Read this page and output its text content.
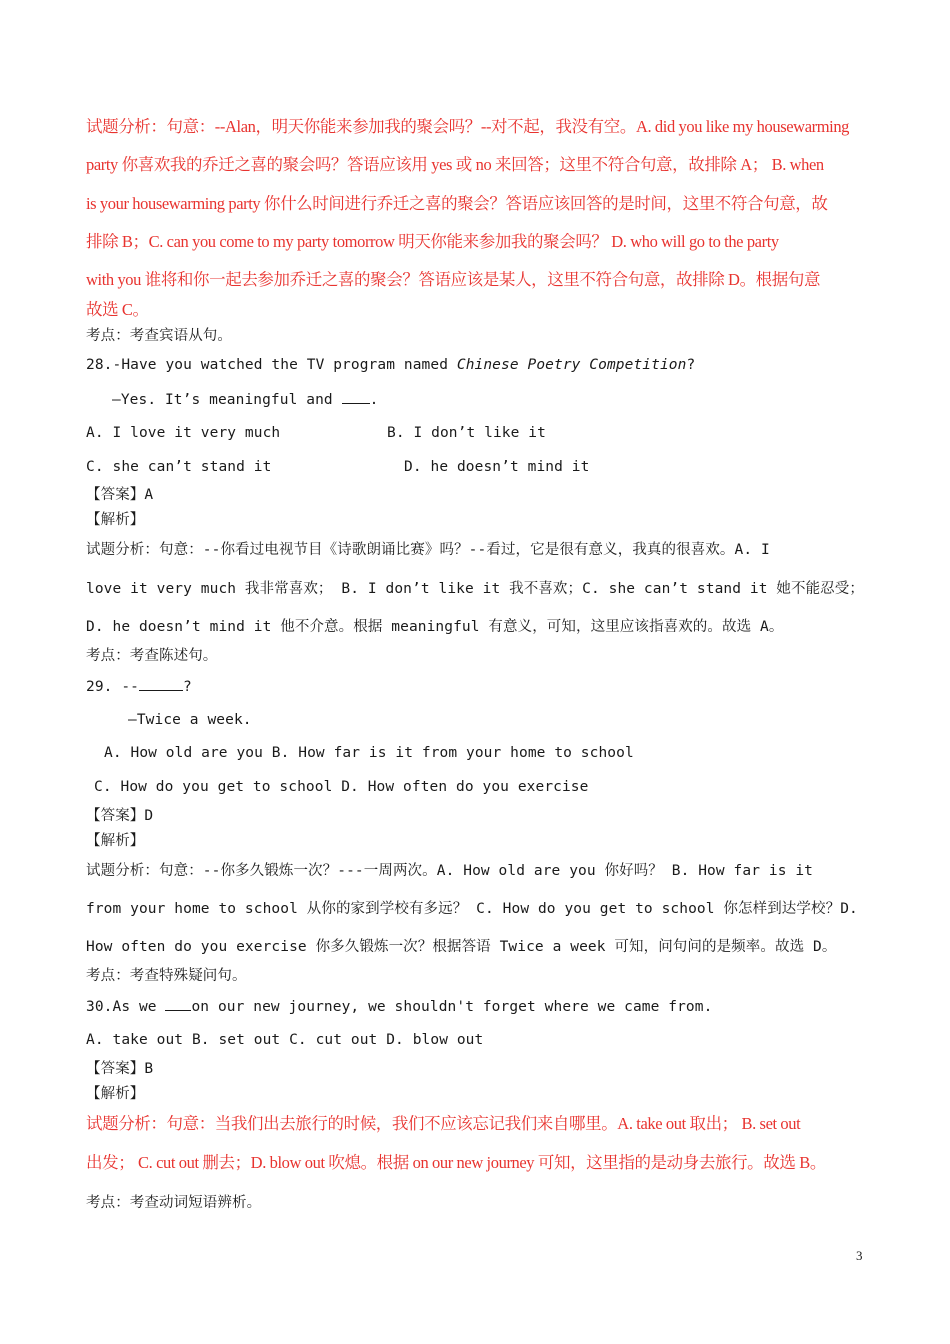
试题分析：句意：--Alan，明天你能来参加我的聚会吗？--对不起，我没有空。A. did you like my housewarming
party 你喜欢我的乔迁之喜的聚会吗？答语应该用 yes 或 no 来回答；这里不符合句意，故排除 A； B. when
is your housewarming party 你什么时间进行乔迁之喜的聚会？答语应该回答的是时间，这里不符合句意，故
排除 B；C. can you come to my party tomorrow 明天你能来参加我的聚会吗？ D. who will go to the party
with you 谁将和你一起去参加乔迁之喜的聚会？答语应该是某人，这里不符合句意，故排除 D。根据句意
故选 C。
考点：考查宾语从句。
28.-Have you watched the TV program named Chinese Poetry Competition?
—Yes. It’s meaningful and .
A. I love it very much	B. I don’t like it
C. she can’t stand it	D. he doesn’t mind it
【答案】A
【解析】
试题分析：句意：--你看过电视节目《诗歌朗诵比赛》吗？--看过，它是很有意义，我真的很喜欢。A. I
love it very much 我非常喜欢； B. I don’t like it 我不喜欢；C. she can’t stand it 她不能忍受；
D. he doesn’t mind it 他不介意。根据 meaningful 有意义，可知，这里应该指喜欢的。故选 A。
考点：考查陈述句。
29. --	?
—Twice a week.
A. How old are you B. How far is it from your home to school
C. How do you get to school D. How often do you exercise
【答案】D
【解析】
试题分析：句意：--你多久锻炼一次？---一周两次。A. How old are you 你好吗？ B. How far is it
from your home to school 从你的家到学校有多远？ C. How do you get to school 你怎样到达学校？D.
How often do you exercise 你多久锻炼一次？根据答语 Twice a week 可知，问句问的是频率。故选 D。
考点：考查特殊疑问句。
30.As we on our new journey, we shouldn't forget where we came from.
A. take out B. set out C. cut out D. blow out
【答案】B
【解析】
试题分析：句意：当我们出去旅行的时候，我们不应该忘记我们来自哪里。A. take out 取出； B. set out
出发； C. cut out 删去；D. blow out 吹熄。根据 on our new journey 可知，这里指的是动身去旅行。故选 B。
考点：考查动词短语辨析。
3
